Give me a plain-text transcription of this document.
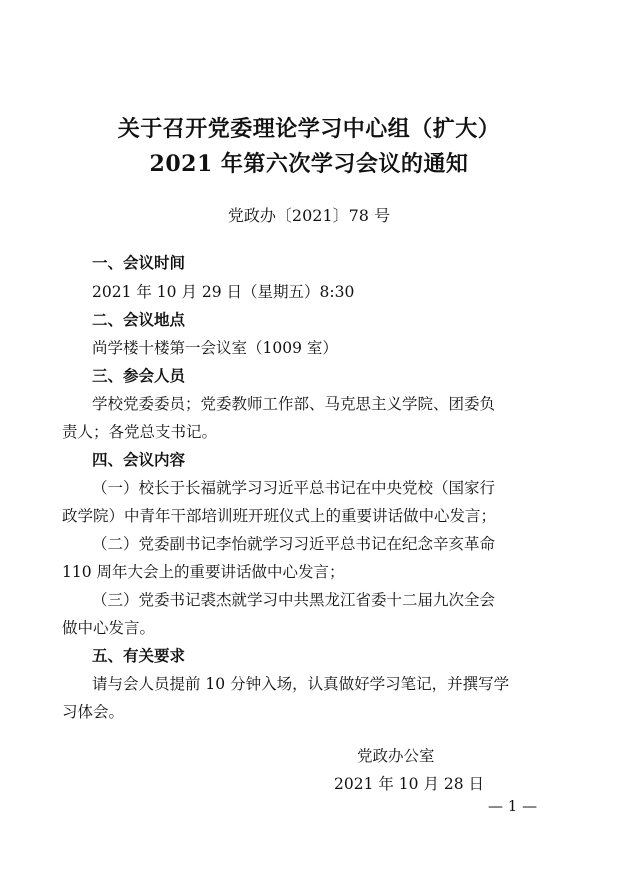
关于召开党委理论学习中心组（扩大）
2021 年第六次学习会议的通知
党政办〔2021〕78 号
一、会议时间
2021 年 10 月 29 日（星期五）8:30
二、会议地点
尚学楼十楼第一会议室（1009 室）
三、参会人员
学校党委委员；党委教师工作部、马克思主义学院、团委负
责人；各党总支书记。
四、会议内容
（一）校长于长福就学习习近平总书记在中央党校（国家行
政学院）中青年干部培训班开班仪式上的重要讲话做中心发言；
（二）党委副书记李怡就学习习近平总书记在纪念辛亥革命
110 周年大会上的重要讲话做中心发言；
（三）党委书记裘杰就学习中共黑龙江省委十二届九次全会
做中心发言。
五、有关要求
请与会人员提前 10 分钟入场，认真做好学习笔记，并撰写学
习体会。
党政办公室
2021 年 10 月 28 日
— 1 —
